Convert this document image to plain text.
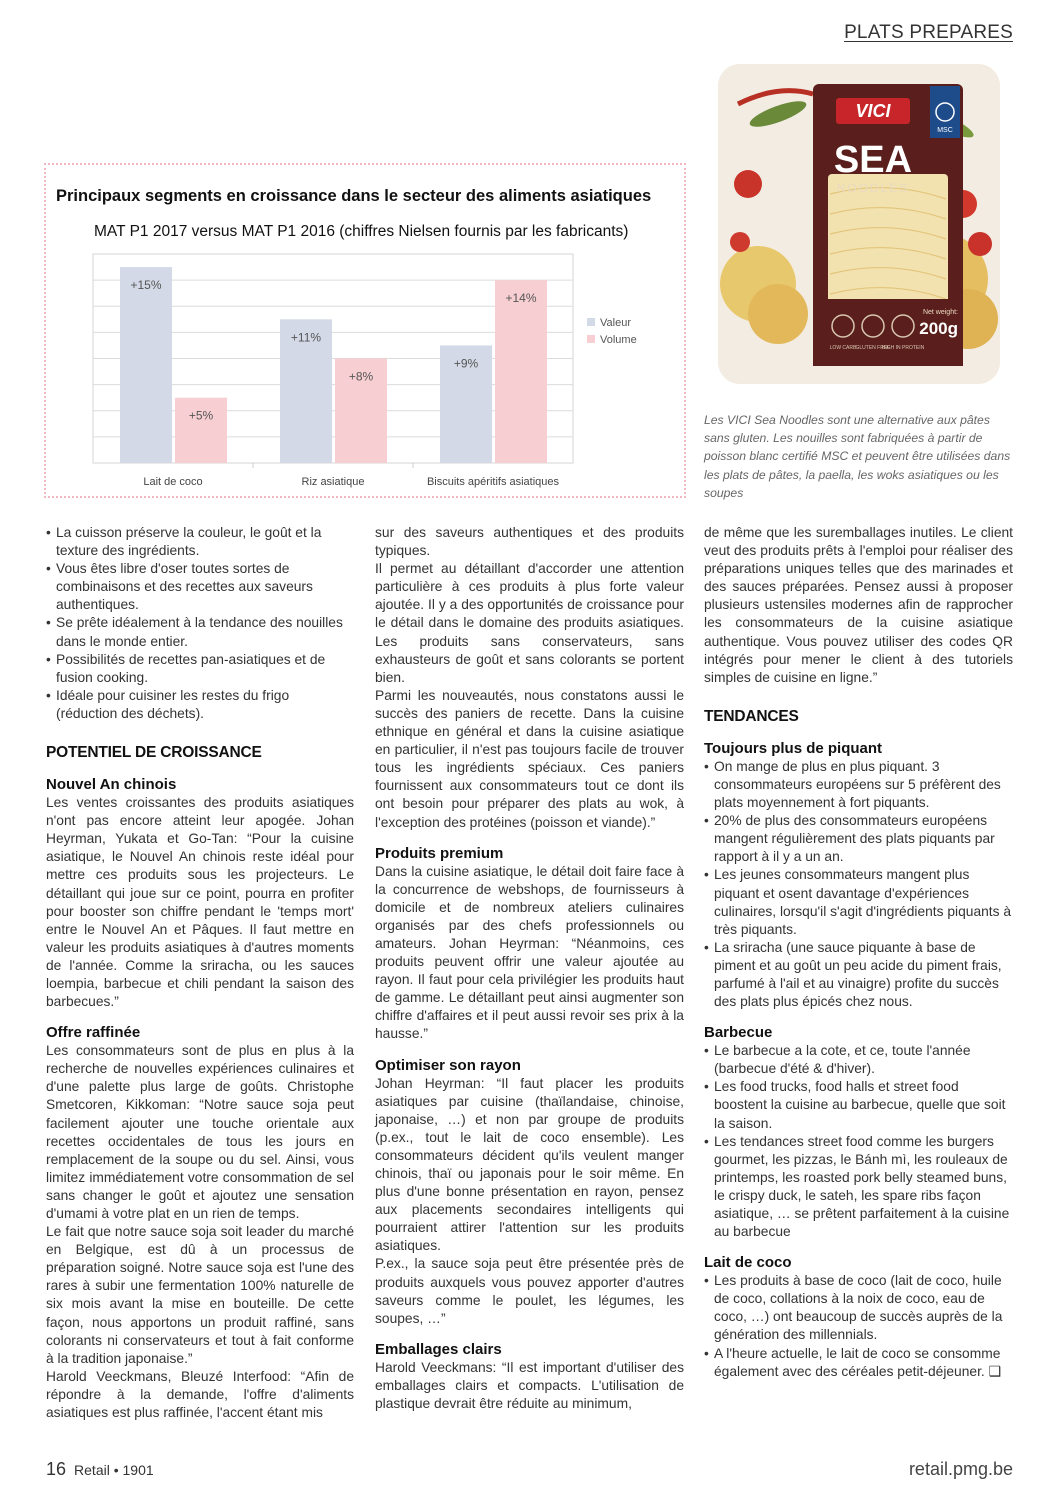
PLATS PREPARES
Principaux segments en croissance dans le secteur des aliments asiatiques
MAT P1 2017 versus MAT P1 2016 (chiffres Nielsen fournis par les fabricants)
+15%
+5%
Lait de coco
+11%
+8%
Riz asiatique
+9%
+14%
Biscuits apéritifs asiatiques
Valeur
Volume
VICI
SEA
NOODLES
MSC
LOW CARB GLUTEN FREE
HIGH IN PROTEIN
Net weight:
200g
Les VICI Sea Noodles sont une alternative aux pâtes sans gluten. Les nouilles sont fabriquées à partir de poisson blanc certifié MSC et peuvent être utilisées dans les plats de pâtes, la paella, les woks asiatiques ou les soupes
• La cuisson préserve la couleur, le goût et la texture des ingrédients.
• Vous êtes libre d'oser toutes sortes de combinaisons et des recettes aux saveurs authentiques.
• Se prête idéalement à la tendance des nouilles dans le monde entier.
• Possibilités de recettes pan-asiatiques et de fusion cooking.
• Idéale pour cuisiner les restes du frigo (réduction des déchets).
POTENTIEL DE CROISSANCE
Nouvel An chinois

Les ventes croissantes des produits asiatiques n'ont pas encore atteint leur apogée. Johan Heyrman, Yukata et Go-Tan: “Pour la cuisine asiatique, le Nouvel An chinois reste idéal pour mettre ces produits sous les projecteurs. Le détaillant qui joue sur ce point, pourra en profiter pour booster son chiffre pendant le 'temps mort' entre le Nouvel An et Pâques. Il faut mettre en valeur les produits asiatiques à d'autres moments de l'année. Comme la sriracha, ou les sauces loempia, barbecue et chili pendant la saison des barbecues.”

Offre raffinée

Les consommateurs sont de plus en plus à la recherche de nouvelles expériences culinaires et d'une palette plus large de goûts. Christophe Smetcoren, Kikkoman: “Notre sauce soja peut facilement ajouter une touche orientale aux recettes occidentales de tous les jours en remplacement de la soupe ou du sel. Ainsi, vous limitez immédiatement votre consommation de sel sans changer le goût et ajoutez une sensation d'umami à votre plat en un rien de temps.

Le fait que notre sauce soja soit leader du marché en Belgique, est dû à un processus de préparation soigné. Notre sauce soja est l'une des rares à subir une fermentation 100% naturelle de six mois avant la mise en bouteille. De cette façon, nous apportons un produit raffiné, sans colorants ni conservateurs et tout à fait conforme à la tradition japonaise.”

Harold Veeckmans, Bleuzé Interfood: “Afin de répondre à la demande, l'offre d'aliments asiatiques est plus raffinée, l'accent étant mis

sur des saveurs authentiques et des produits typiques.

Il permet au détaillant d'accorder une attention particulière à ces produits à plus forte valeur ajoutée. Il y a des opportunités de croissance pour le détail dans le domaine des produits asiatiques. Les produits sans conservateurs, sans exhausteurs de goût et sans colorants se portent bien.

Parmi les nouveautés, nous constatons aussi le succès des paniers de recette. Dans la cuisine ethnique en général et dans la cuisine asiatique en particulier, il n'est pas toujours facile de trouver tous les ingrédients spéciaux. Ces paniers fournissent aux consommateurs tout ce dont ils ont besoin pour préparer des plats au wok, à l'exception des protéines (poisson et viande).”

Produits premium

Dans la cuisine asiatique, le détail doit faire face à la concurrence de webshops, de fournisseurs à domicile et de nombreux ateliers culinaires organisés par des chefs professionnels ou amateurs. Johan Heyrman: “Néanmoins, ces produits peuvent offrir une valeur ajoutée au rayon. Il faut pour cela privilégier les produits haut de gamme. Le détaillant peut ainsi augmenter son chiffre d'affaires et il peut aussi revoir ses prix à la hausse.”

Optimiser son rayon

Johan Heyrman: “Il faut placer les produits asiatiques par cuisine (thaïlandaise, chinoise, japonaise, …) et non par groupe de produits (p.ex., tout le lait de coco ensemble). Les consommateurs décident qu'ils veulent manger chinois, thaï ou japonais pour le soir même. En plus d'une bonne présentation en rayon, pensez aux placements secondaires intelligents qui pourraient attirer l'attention sur les produits asiatiques.

P.ex., la sauce soja peut être présentée près de produits auxquels vous pouvez apporter d'autres saveurs comme le poulet, les légumes, les soupes, …”

Emballages clairs

Harold Veeckmans: “Il est important d'utiliser des emballages clairs et compacts. L'utilisation de plastique devrait être réduite au minimum,

de même que les suremballages inutiles. Le client veut des produits prêts à l'emploi pour réaliser des préparations uniques telles que des marinades et des sauces préparées. Pensez aussi à proposer plusieurs ustensiles modernes afin de rapprocher les consommateurs de la cuisine asiatique authentique. Vous pouvez utiliser des codes QR intégrés pour mener le client à des tutoriels simples de cuisine en ligne.”

TENDANCES
Toujours plus de piquant
• On mange de plus en plus piquant. 3 consommateurs européens sur 5 préfèrent des plats moyennement à fort piquants.
• 20% de plus des consommateurs européens mangent régulièrement des plats piquants par rapport à il y a un an.
• Les jeunes consommateurs mangent plus piquant et osent davantage d'expériences culinaires, lorsqu'il s'agit d'ingrédients piquants à très piquants.
• La sriracha (une sauce piquante à base de piment et au goût un peu acide du piment frais, parfumé à l'ail et au vinaigre) profite du succès des plats plus épicés chez nous.
Barbecue
• Le barbecue a la cote, et ce, toute l'année (barbecue d'été & d'hiver).
• Les food trucks, food halls et street food boostent la cuisine au barbecue, quelle que soit la saison.
• Les tendances street food comme les burgers gourmet, les pizzas, le Bánh mì, les rouleaux de printemps, les roasted pork belly steamed buns, le crispy duck, le sateh, les spare ribs façon asiatique, … se prêtent parfaitement à la cuisine au barbecue
Lait de coco
• Les produits à base de coco (lait de coco, huile de coco, collations à la noix de coco, eau de coco, …) ont beaucoup de succès auprès de la génération des millennials.
• A l'heure actuelle, le lait de coco se consomme également avec des céréales petit-déjeuner. ❑
16 Retail • 1901	retail.pmg.be
